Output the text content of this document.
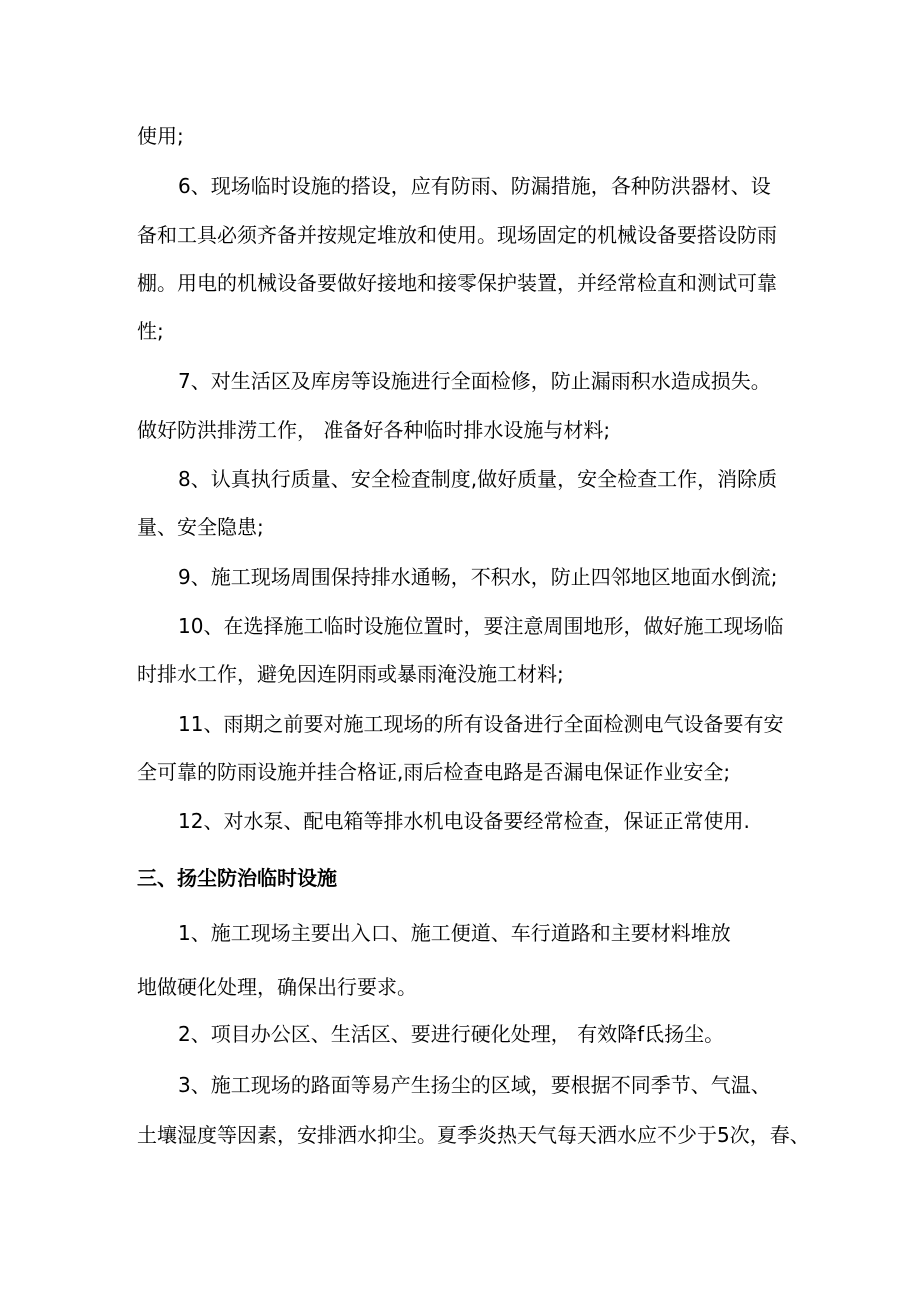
使用;

6、现场临时设施的搭设，应有防雨、防漏措施，各种防洪器材、设

备和工具必须齐备并按规定堆放和使用。现场固定的机械设备要搭设防雨

棚。用电的机械设备要做好接地和接零保护装置，并经常检直和测试可靠

性;

7、对生活区及库房等设施进行全面检修，防止漏雨积水造成损失。

做好防洪排涝工作， 准备好各种临时排水设施与材料;

8、认真执行质量、安全检査制度,做好质量，安全检查工作，消除质

量、安全隐患;

9、施工现场周围保持排水通畅，不积水，防止四邻地区地面水倒流;

10、在选择施工临时设施位置时，要注意周围地形，做好施工现场临

时排水工作，避免因连阴雨或暴雨淹没施工材料;

11、雨期之前要对施工现场的所有设备进行全面检测电气设备要有安

全可靠的防雨设施并挂合格证,雨后检查电路是否漏电保证作业安全;

12、对水泵、配电箱等排水机电设备要经常检查，保证正常使用.

三、扬尘防治临时设施

1、施工现场主要出入口、施工便道、车行道路和主要材料堆放

地做硬化处理，确保出行要求。

2、项目办公区、生活区、要进行硬化处理， 有效降f氐扬尘。

3、施工现场的路面等易产生扬尘的区域，要根据不同季节、气温、

土壤湿度等因素，安排洒水抑尘。夏季炎热天气每天洒水应不少于5次，春、
